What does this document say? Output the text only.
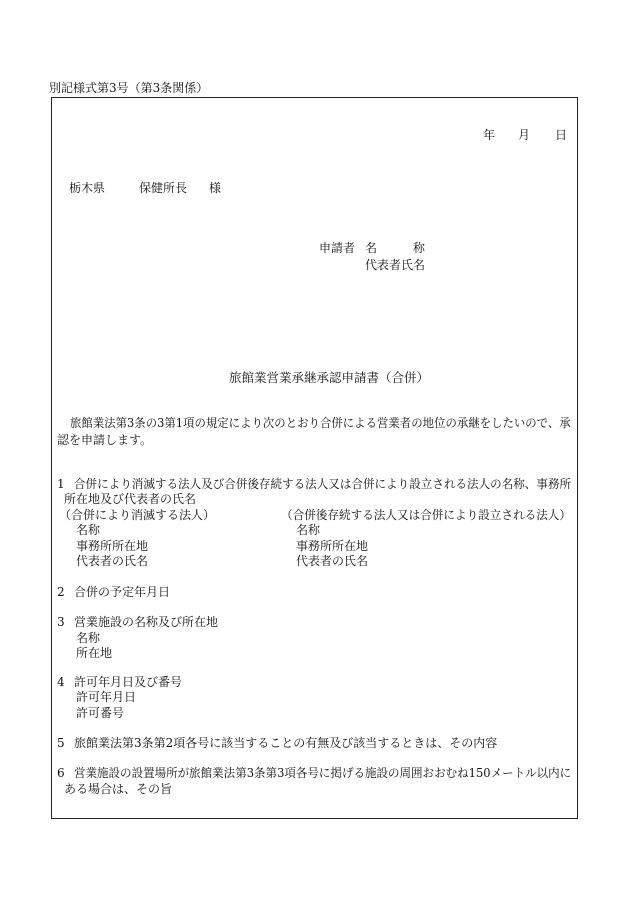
別記様式第3号（第3条関係）
年 月 日
栃木県	保健所長 様
申請者 名　　　称
代表者氏名
旅館業営業承継承認申請書（合併）
旅館業法第3条の3第1項の規定により次のとおり合併による営業者の地位の承継をしたいので、承
認を申請します。
1 合併により消滅する法人及び合併後存続する法人又は合併により設立される法人の名称、事務所
所在地及び代表者の氏名
（合併により消滅する法人）	（合併後存続する法人又は合併により設立される法人）
名称
事務所所在地
代表者の氏名
名称
事務所所在地
代表者の氏名
2 合併の予定年月日
3 営業施設の名称及び所在地
名称
所在地
4 許可年月日及び番号
許可年月日
許可番号
5 旅館業法第3条第2項各号に該当することの有無及び該当するときは、その内容
6 営業施設の設置場所が旅館業法第3条第3項各号に掲げる施設の周囲おおむね150メートル以内に
ある場合は、その旨
